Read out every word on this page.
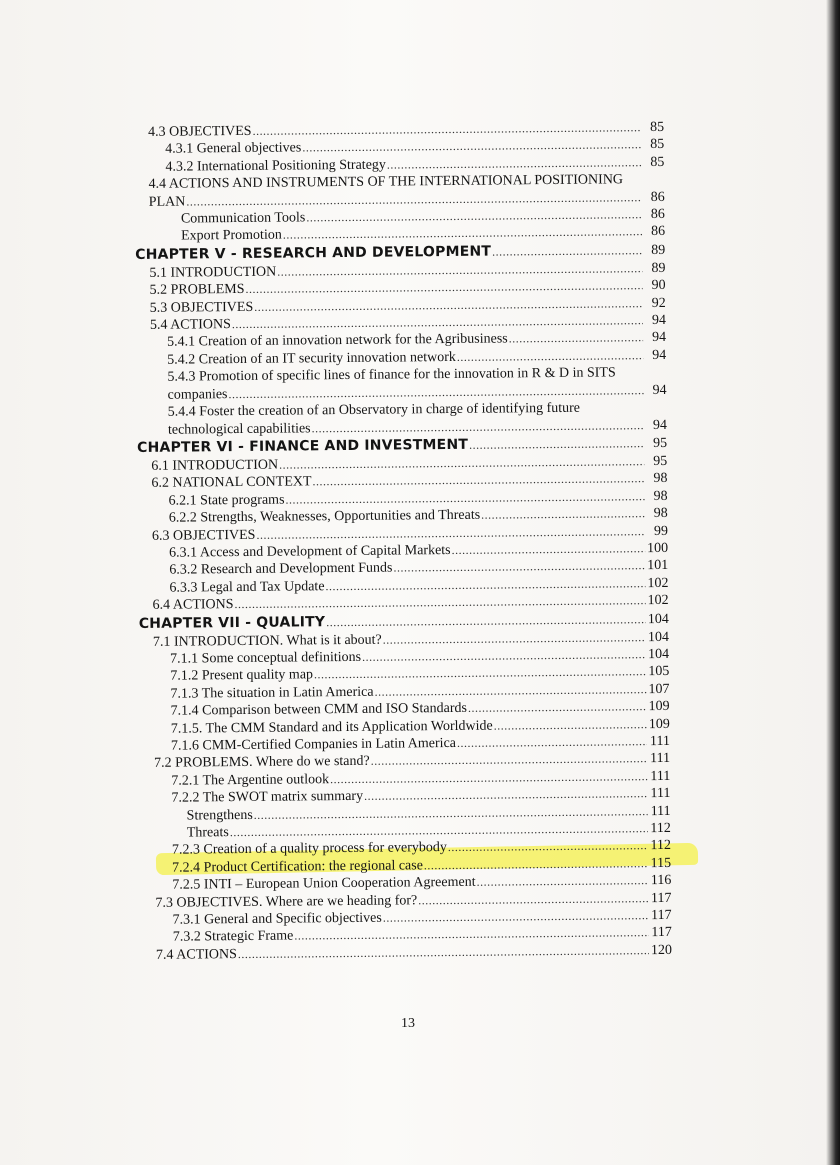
4.3 OBJECTIVES .....	85
4.3.1 General objectives .....	85
4.3.2 International Positioning Strategy .....	85
4.4 ACTIONS AND INSTRUMENTS OF THE INTERNATIONAL POSITIONING
PLAN .....	86
Communication Tools .....	86
Export Promotion .....	86
CHAPTER V - RESEARCH AND DEVELOPMENT .....	89
5.1 INTRODUCTION .....	89
5.2 PROBLEMS .....	90
5.3 OBJECTIVES .....	92
5.4 ACTIONS .....	94
5.4.1 Creation of an innovation network for the Agribusiness .....	94
5.4.2 Creation of an IT security innovation network .....	94
5.4.3 Promotion of specific lines of finance for the innovation in R & D in SITS
companies .....	94
5.4.4 Foster the creation of an Observatory in charge of identifying future
technological capabilities .....	94
CHAPTER VI - FINANCE AND INVESTMENT .....	95
6.1 INTRODUCTION .....	95
6.2 NATIONAL CONTEXT .....	98
6.2.1 State programs .....	98
6.2.2 Strengths, Weaknesses, Opportunities and Threats .....	98
6.3 OBJECTIVES .....	99
6.3.1 Access and Development of Capital Markets .....	100
6.3.2 Research and Development Funds .....	101
6.3.3 Legal and Tax Update .....	102
6.4 ACTIONS .....	102
CHAPTER VII - QUALITY .....	104
7.1 INTRODUCTION. What is it about? .....	104
7.1.1 Some conceptual definitions .....	104
7.1.2 Present quality map .....	105
7.1.3 The situation in Latin America .....	107
7.1.4 Comparison between CMM and ISO Standards .....	109
7.1.5. The CMM Standard and its Application Worldwide .....	109
7.1.6 CMM-Certified Companies in Latin America .....	111
7.2 PROBLEMS. Where do we stand? .....	111
7.2.1 The Argentine outlook .....	111
7.2.2 The SWOT matrix summary .....	111
Strengthens .....	111
Threats .....	112
7.2.3 Creation of a quality process for everybody .....	112
7.2.4 Product Certification: the regional case .....	115
7.2.5 INTI – European Union Cooperation Agreement .....	116
7.3 OBJECTIVES. Where are we heading for? .....	117
7.3.1 General and Specific objectives .....	117
7.3.2 Strategic Frame .....	117
7.4 ACTIONS .....	120
13
